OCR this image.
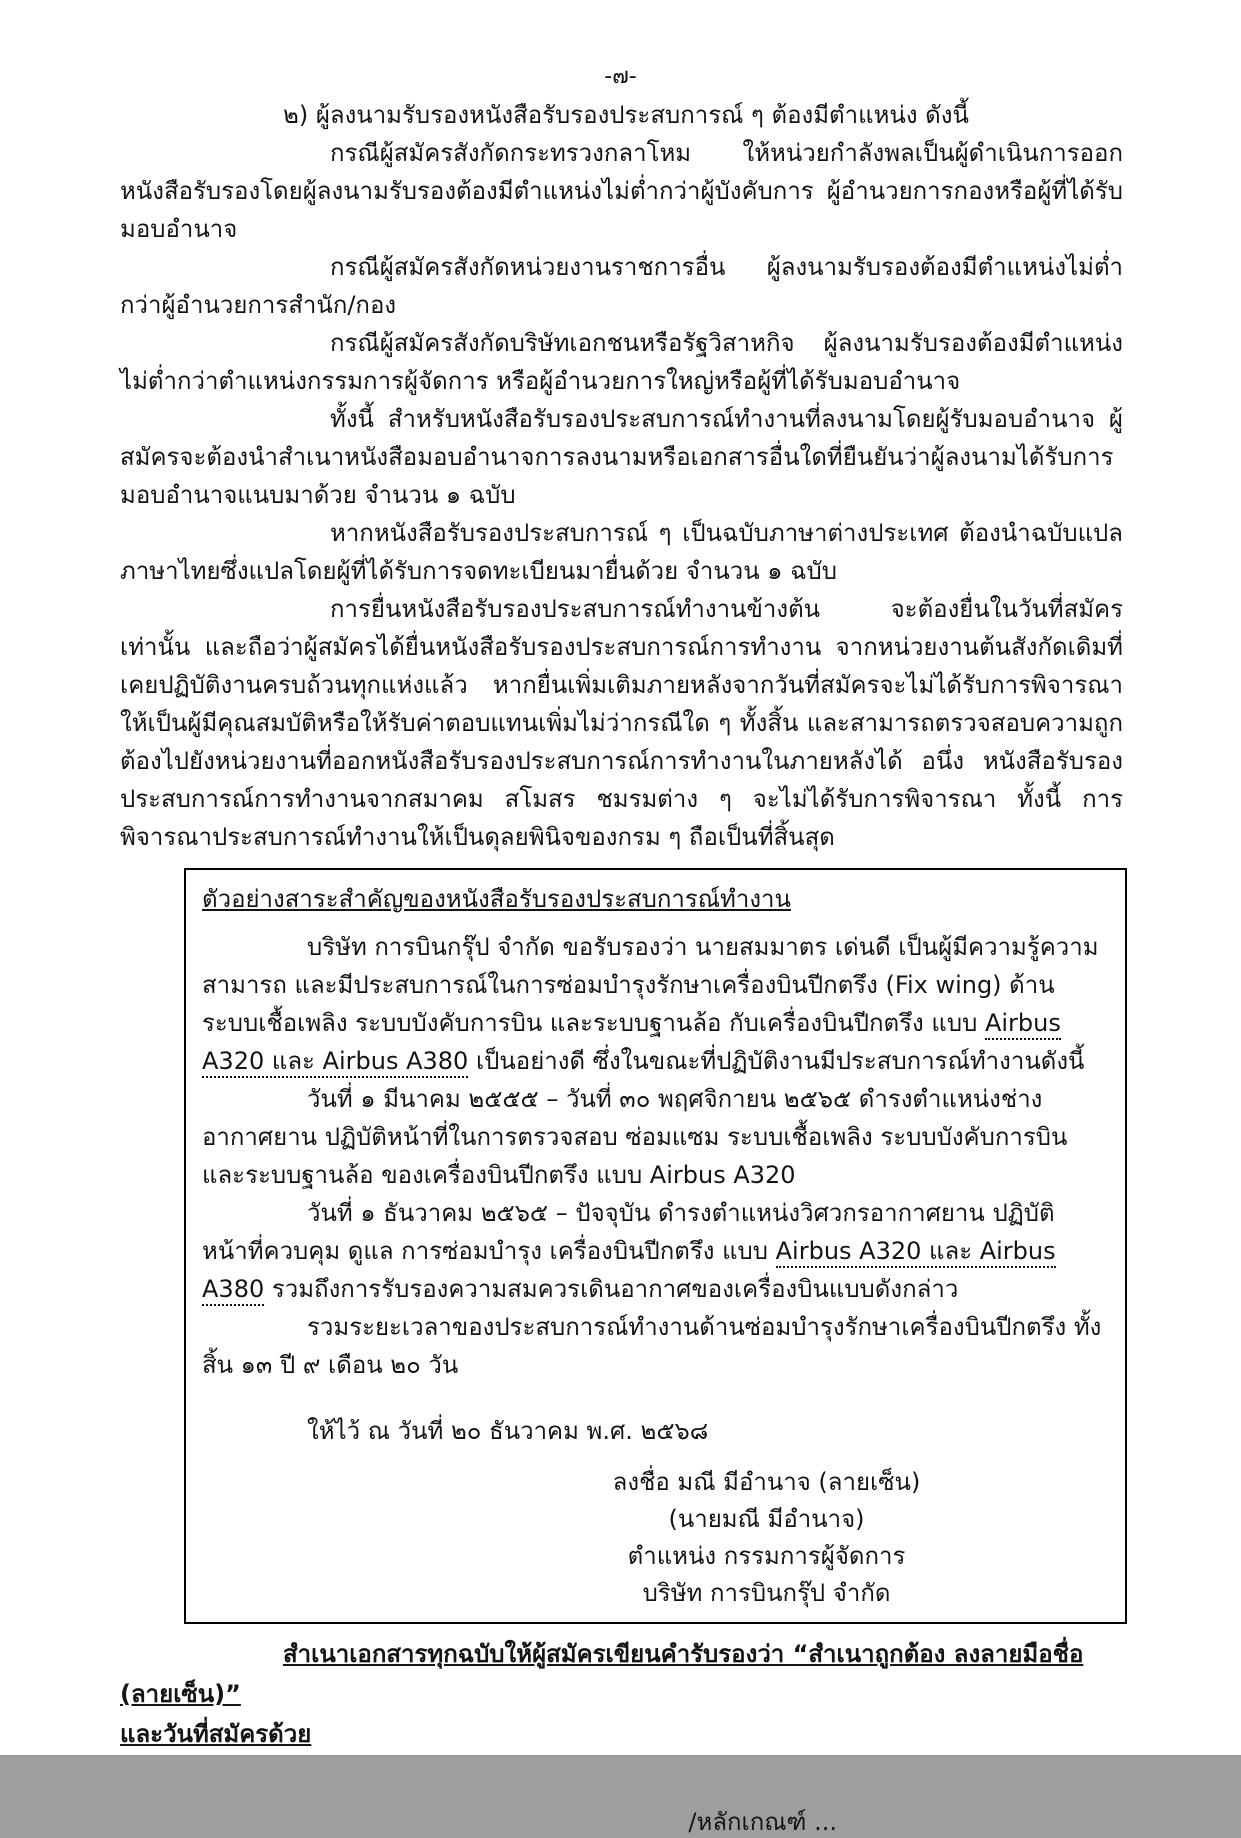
-๗-
๒) ผู้ลงนามรับรองหนังสือรับรองประสบการณ์ ๆ ต้องมีตำแหน่ง ดังนี้
กรณีผู้สมัครสังกัดกระทรวงกลาโหม ให้หน่วยกำลังพลเป็นผู้ดำเนินการออกหนังสือรับรองโดยผู้ลงนามรับรองต้องมีตำแหน่งไม่ต่ำกว่าผู้บังคับการ ผู้อำนวยการกองหรือผู้ที่ได้รับมอบอำนาจ
กรณีผู้สมัครสังกัดหน่วยงานราชการอื่น ผู้ลงนามรับรองต้องมีตำแหน่งไม่ต่ำกว่าผู้อำนวยการสำนัก/กอง
กรณีผู้สมัครสังกัดบริษัทเอกชนหรือรัฐวิสาหกิจ ผู้ลงนามรับรองต้องมีตำแหน่งไม่ต่ำกว่าตำแหน่งกรรมการผู้จัดการ หรือผู้อำนวยการใหญ่หรือผู้ที่ได้รับมอบอำนาจ
ทั้งนี้ สำหรับหนังสือรับรองประสบการณ์ทำงานที่ลงนามโดยผู้รับมอบอำนาจ ผู้สมัครจะต้องนำสำเนาหนังสือมอบอำนาจการลงนามหรือเอกสารอื่นใดที่ยืนยันว่าผู้ลงนามได้รับการมอบอำนาจแนบมาด้วย จำนวน ๑ ฉบับ
หากหนังสือรับรองประสบการณ์ ๆ เป็นฉบับภาษาต่างประเทศ ต้องนำฉบับแปลภาษาไทยซึ่งแปลโดยผู้ที่ได้รับการจดทะเบียนมายื่นด้วย จำนวน ๑ ฉบับ
การยื่นหนังสือรับรองประสบการณ์ทำงานข้างต้น จะต้องยื่นในวันที่สมัครเท่านั้น และถือว่าผู้สมัครได้ยื่นหนังสือรับรองประสบการณ์การทำงาน จากหน่วยงานต้นสังกัดเดิมที่เคยปฏิบัติงานครบถ้วนทุกแห่งแล้ว หากยื่นเพิ่มเติมภายหลังจากวันที่สมัครจะไม่ได้รับการพิจารณาให้เป็นผู้มีคุณสมบัติหรือให้รับค่าตอบแทนเพิ่มไม่ว่ากรณีใด ๆ ทั้งสิ้น และสามารถตรวจสอบความถูกต้องไปยังหน่วยงานที่ออกหนังสือรับรองประสบการณ์การทำงานในภายหลังได้ อนึ่ง หนังสือรับรองประสบการณ์การทำงานจากสมาคม สโมสร ชมรมต่าง ๆ จะไม่ได้รับการพิจารณา ทั้งนี้ การพิจารณาประสบการณ์ทำงานให้เป็นดุลยพินิจของกรม ๆ ถือเป็นที่สิ้นสุด
ตัวอย่างสาระสำคัญของหนังสือรับรองประสบการณ์ทำงาน
บริษัท การบินกรุ๊ป จำกัด ขอรับรองว่า นายสมมาตร เด่นดี เป็นผู้มีความรู้ความสามารถ และมีประสบการณ์ในการซ่อมบำรุงรักษาเครื่องบินปีกตรึง (Fix wing) ด้านระบบเชื้อเพลิง ระบบบังคับการบิน และระบบฐานล้อ กับเครื่องบินปีกตรึง แบบ Airbus A320 และ Airbus A380 เป็นอย่างดี ซึ่งในขณะที่ปฏิบัติงานมีประสบการณ์ทำงานดังนี้
วันที่ ๑ มีนาคม ๒๕๕๕ – วันที่ ๓๐ พฤศจิกายน ๒๕๖๕ ดำรงตำแหน่งช่างอากาศยาน ปฏิบัติหน้าที่ในการตรวจสอบ ซ่อมแซม ระบบเชื้อเพลิง ระบบบังคับการบิน และระบบฐานล้อ ของเครื่องบินปีกตรึง แบบ Airbus A320
วันที่ ๑ ธันวาคม ๒๕๖๕ – ปัจจุบัน ดำรงตำแหน่งวิศวกรอากาศยาน ปฏิบัติหน้าที่ควบคุม ดูแล การซ่อมบำรุง เครื่องบินปีกตรึง แบบ Airbus A320 และ Airbus A380 รวมถึงการรับรองความสมควรเดินอากาศของเครื่องบินแบบดังกล่าว
รวมระยะเวลาของประสบการณ์ทำงานด้านซ่อมบำรุงรักษาเครื่องบินปีกตรึง ทั้งสิ้น ๑๓ ปี ๙ เดือน ๒๐ วัน
ให้ไว้ ณ วันที่ ๒๐ ธันวาคม พ.ศ. ๒๕๖๘
ลงชื่อ มณี มีอำนาจ (ลายเซ็น)
(นายมณี มีอำนาจ)
ตำแหน่ง กรรมการผู้จัดการ
บริษัท การบินกรุ๊ป จำกัด
สำเนาเอกสารทุกฉบับให้ผู้สมัครเขียนคำรับรองว่า “สำเนาถูกต้อง ลงลายมือชื่อ (ลายเซ็น)”
และวันที่สมัครด้วย
/หลักเกณฑ์ ...
